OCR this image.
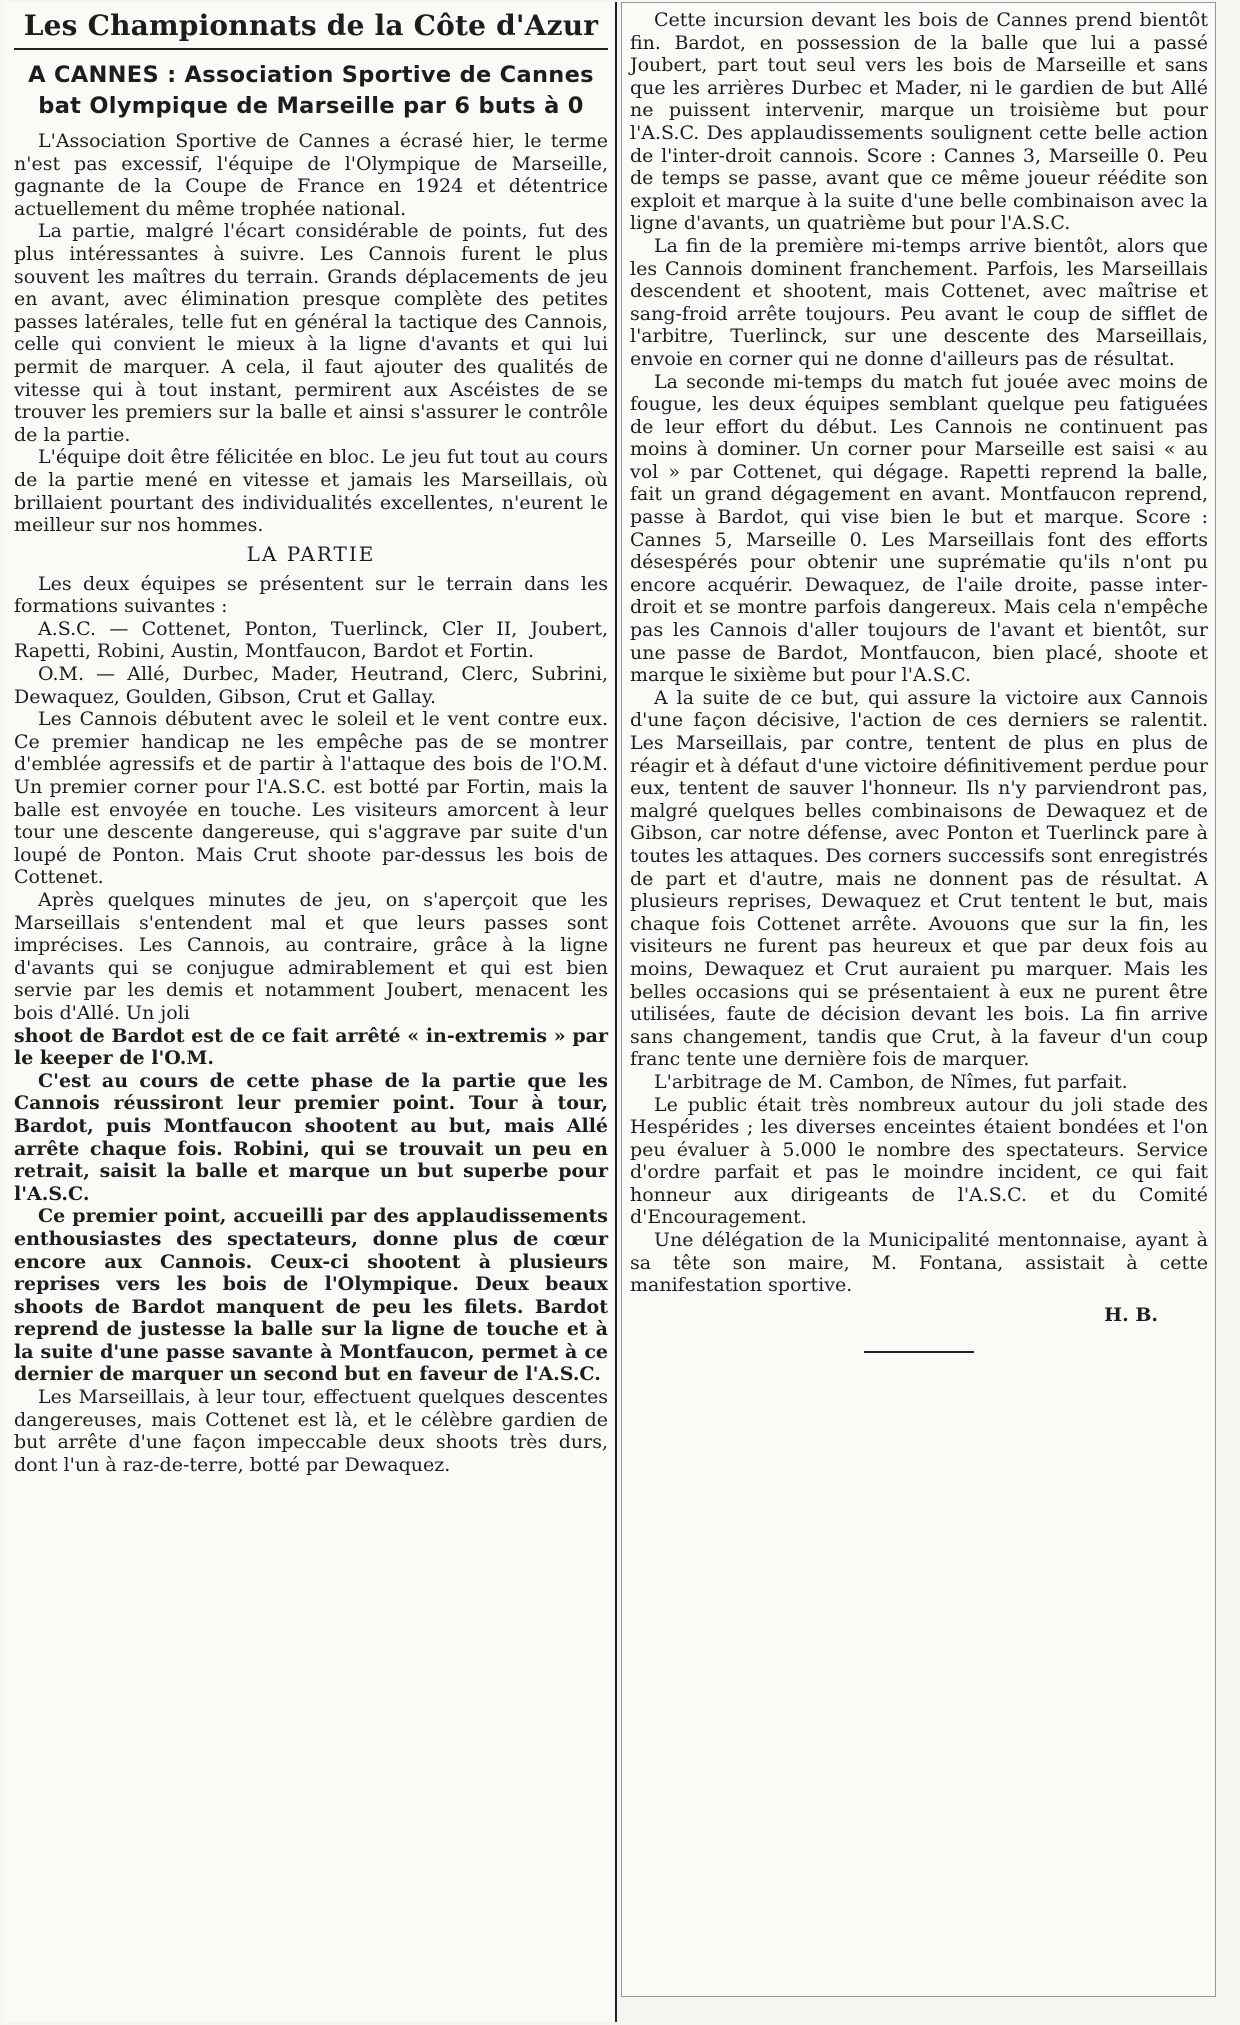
Les Championnats de la Côte d'Azur
A CANNES : Association Sportive de Cannes bat Olympique de Marseille par 6 buts à 0

L'Association Sportive de Cannes a écrasé hier, le terme n'est pas excessif, l'équipe de l'Olympique de Marseille, gagnante de la Coupe de France en 1924 et détentrice actuellement du même trophée national.

La partie, malgré l'écart considérable de points, fut des plus intéressantes à suivre. Les Cannois furent le plus souvent les maîtres du terrain. Grands déplacements de jeu en avant, avec élimination presque complète des petites passes latérales, telle fut en général la tactique des Cannois, celle qui convient le mieux à la ligne d'avants et qui lui permit de marquer. A cela, il faut ajouter des qualités de vitesse qui à tout instant, permirent aux Ascéistes de se trouver les premiers sur la balle et ainsi s'assurer le contrôle de la partie.

L'équipe doit être félicitée en bloc. Le jeu fut tout au cours de la partie mené en vitesse et jamais les Marseillais, où brillaient pourtant des individualités excellentes, n'eurent le meilleur sur nos hommes.

LA PARTIE

Les deux équipes se présentent sur le terrain dans les formations suivantes :

A.S.C. — Cottenet, Ponton, Tuerlinck, Cler II, Joubert, Rapetti, Robini, Austin, Montfaucon, Bardot et Fortin.

O.M. — Allé, Durbec, Mader, Heutrand, Clerc, Subrini, Dewaquez, Goulden, Gibson, Crut et Gallay.

Les Cannois débutent avec le soleil et le vent contre eux. Ce premier handicap ne les empêche pas de se montrer d'emblée agressifs et de partir à l'attaque des bois de l'O.M. Un premier corner pour l'A.S.C. est botté par Fortin, mais la balle est envoyée en touche. Les visiteurs amorcent à leur tour une descente dangereuse, qui s'aggrave par suite d'un loupé de Ponton. Mais Crut shoote par-dessus les bois de Cottenet.

Après quelques minutes de jeu, on s'aperçoit que les Marseillais s'entendent mal et que leurs passes sont imprécises. Les Cannois, au contraire, grâce à la ligne d'avants qui se conjugue admirablement et qui est bien servie par les demis et notamment Joubert, menacent les bois d'Allé. Un joli

shoot de Bardot est de ce fait arrêté « in-extremis » par le keeper de l'O.M.

C'est au cours de cette phase de la partie que les Cannois réussiront leur premier point. Tour à tour, Bardot, puis Montfaucon shootent au but, mais Allé arrête chaque fois. Robini, qui se trouvait un peu en retrait, saisit la balle et marque un but superbe pour l'A.S.C.

Ce premier point, accueilli par des applaudissements enthousiastes des spectateurs, donne plus de cœur encore aux Cannois. Ceux-ci shootent à plusieurs reprises vers les bois de l'Olympique. Deux beaux shoots de Bardot manquent de peu les filets. Bardot reprend de justesse la balle sur la ligne de touche et à la suite d'une passe savante à Montfaucon, permet à ce dernier de marquer un second but en faveur de l'A.S.C.

Les Marseillais, à leur tour, effectuent quelques descentes dangereuses, mais Cottenet est là, et le célèbre gardien de but arrête d'une façon impeccable deux shoots très durs, dont l'un à raz-de-terre, botté par Dewaquez.

Cette incursion devant les bois de Cannes prend bientôt fin. Bardot, en possession de la balle que lui a passé Joubert, part tout seul vers les bois de Marseille et sans que les arrières Durbec et Mader, ni le gardien de but Allé ne puissent intervenir, marque un troisième but pour l'A.S.C. Des applaudissements soulignent cette belle action de l'inter-droit cannois. Score : Cannes 3, Marseille 0. Peu de temps se passe, avant que ce même joueur réédite son exploit et marque à la suite d'une belle combinaison avec la ligne d'avants, un quatrième but pour l'A.S.C.

La fin de la première mi-temps arrive bientôt, alors que les Cannois dominent franchement. Parfois, les Marseillais descendent et shootent, mais Cottenet, avec maîtrise et sang-froid arrête toujours. Peu avant le coup de sifflet de l'arbitre, Tuerlinck, sur une descente des Marseillais, envoie en corner qui ne donne d'ailleurs pas de résultat.

La seconde mi-temps du match fut jouée avec moins de fougue, les deux équipes semblant quelque peu fatiguées de leur effort du début. Les Cannois ne continuent pas moins à dominer. Un corner pour Marseille est saisi « au vol » par Cottenet, qui dégage. Rapetti reprend la balle, fait un grand dégagement en avant. Montfaucon reprend, passe à Bardot, qui vise bien le but et marque. Score : Cannes 5, Marseille 0. Les Marseillais font des efforts désespérés pour obtenir une suprématie qu'ils n'ont pu encore acquérir. Dewaquez, de l'aile droite, passe inter-droit et se montre parfois dangereux. Mais cela n'empêche pas les Cannois d'aller toujours de l'avant et bientôt, sur une passe de Bardot, Montfaucon, bien placé, shoote et marque le sixième but pour l'A.S.C.

A la suite de ce but, qui assure la victoire aux Cannois d'une façon décisive, l'action de ces derniers se ralentit. Les Marseillais, par contre, tentent de plus en plus de réagir et à défaut d'une victoire définitivement perdue pour eux, tentent de sauver l'honneur. Ils n'y parviendront pas, malgré quelques belles combinaisons de Dewaquez et de Gibson, car notre défense, avec Ponton et Tuerlinck pare à toutes les attaques. Des corners successifs sont enregistrés de part et d'autre, mais ne donnent pas de résultat. A plusieurs reprises, Dewaquez et Crut tentent le but, mais chaque fois Cottenet arrête. Avouons que sur la fin, les visiteurs ne furent pas heureux et que par deux fois au moins, Dewaquez et Crut auraient pu marquer. Mais les belles occasions qui se présentaient à eux ne purent être utilisées, faute de décision devant les bois. La fin arrive sans changement, tandis que Crut, à la faveur d'un coup franc tente une dernière fois de marquer.

L'arbitrage de M. Cambon, de Nîmes, fut parfait.

Le public était très nombreux autour du joli stade des Hespérides ; les diverses enceintes étaient bondées et l'on peu évaluer à 5.000 le nombre des spectateurs. Service d'ordre parfait et pas le moindre incident, ce qui fait honneur aux dirigeants de l'A.S.C. et du Comité d'Encouragement.

Une délégation de la Municipalité mentonnaise, ayant à sa tête son maire, M. Fontana, assistait à cette manifestation sportive.

H. B.
